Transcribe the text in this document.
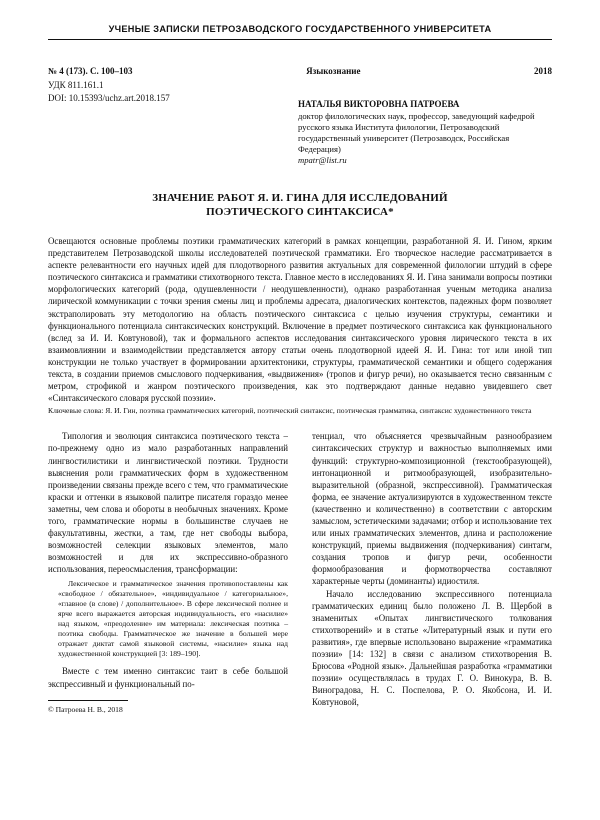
УЧЕНЫЕ ЗАПИСКИ ПЕТРОЗАВОДСКОГО ГОСУДАРСТВЕННОГО УНИВЕРСИТЕТА
№ 4 (173). С. 100–103	Языкознание	2018
УДК 811.161.1
DOI: 10.15393/uchz.art.2018.157
НАТАЛЬЯ ВИКТОРОВНА ПАТРОЕВА
доктор филологических наук, профессор, заведующий кафедрой русского языка Института филологии, Петрозаводский государственный университет (Петрозаводск, Российская Федерация)
mpatr@list.ru
ЗНАЧЕНИЕ РАБОТ Я. И. ГИНА ДЛЯ ИССЛЕДОВАНИЙ
ПОЭТИЧЕСКОГО СИНТАКСИСА*
Освещаются основные проблемы поэтики грамматических категорий в рамках концепции, разработанной Я. И. Гином, ярким представителем Петрозаводской школы исследователей поэтической грамматики. Его творческое наследие рассматривается в аспекте релевантности его научных идей для плодотворного развития актуальных для современной филологии штудий в сфере поэтического синтаксиса и грамматики стихотворного текста. Главное место в исследованиях Я. И. Гина занимали вопросы поэтики морфологических категорий (рода, одушевленности / неодушевленности), однако разработанная ученым методика анализа лирической коммуникации с точки зрения смены лиц и проблемы адресата, диалогических контекстов, падежных форм позволяет экстраполировать эту методологию на область поэтического синтаксиса с целью изучения структуры, семантики и функционального потенциала синтаксических конструкций. Включение в предмет поэтического синтаксиса как функционального (вслед за И. И. Ковтуновой), так и формального аспектов исследования синтаксического уровня лирического текста в их взаимовлиянии и взаимодействии представляется автору статьи очень плодотворной идеей Я. И. Гина: тот или иной тип конструкции не только участвует в формировании архитектоники, структуры, грамматической семантики и общего содержания текста, в создании приемов смыслового подчеркивания, «выдвижения» (тропов и фигур речи), но оказывается тесно связанным с метром, строфикой и жанром поэтического произведения, как это подтверждают данные недавно увидевшего свет «Синтаксического словаря русской поэзии».
Ключевые слова: Я. И. Гин, поэтика грамматических категорий, поэтический синтаксис, поэтическая грамматика, синтаксис художественного текста

Типология и эволюция синтаксиса поэтического текста – по-прежнему одно из мало разработанных направлений лингвостилистики и лингвистической поэтики. Трудности выяснения роли грамматических форм в художественном произведении связаны прежде всего с тем, что грамматические краски и оттенки в языковой палитре писателя гораздо менее заметны, чем слова и обороты в необычных значениях. Кроме того, грамматические нормы в большинстве случаев не факультативны, жестки, а там, где нет свободы выбора, возможностей селекции языковых элементов, мало возможностей и для их экспрессивно-образного использования, переосмысления, трансформации:

Лексическое и грамматическое значения противопоставлены как «свободное / обязательное», «индивидуальное / категориальное», «главное (в слове) / дополнительное». В сфере лексической полнее и ярче всего выражается авторская индивидуальность, его «насилие» над языком, «преодоление» им материала: лексическая поэтика – поэтика свободы. Грамматическое же значение в большей мере отражает диктат самой языковой системы, «насилие» языка над художественной конструкцией [3: 189–190].

Вместе с тем именно синтаксис таит в себе большой экспрессивный и функциональный по-

© Патроева Н. В., 2018

тенциал, что объясняется чрезвычайным разнообразием синтаксических структур и важностью выполняемых ими функций: структурно-композиционной (текстообразующей), интонационной и ритмообразующей, изобразительно-выразительной (образной, экспрессивной). Грамматическая форма, ее значение актуализируются в художественном тексте (качественно и количественно) в соответствии с авторским замыслом, эстетическими задачами; отбор и использование тех или иных грамматических элементов, длина и расположение конструкций, приемы выдвижения (подчеркивания) синтагм, создания тропов и фигур речи, особенности формообразования и формотворчества составляют характерные черты (доминанты) идиостиля.

Начало исследованию экспрессивного потенциала грамматических единиц было положено Л. В. Щербой в знаменитых «Опытах лингвистического толкования стихотворений» и в статье «Литературный язык и пути его развития», где впервые использовано выражение «грамматика поэзии» [14: 132] в связи с анализом стихотворения В. Брюсова «Родной язык». Дальнейшая разработка «грамматики поэзии» осуществлялась в трудах Г. О. Винокура, В. В. Виноградова, Н. С. Поспелова, Р. О. Якобсона, И. И. Ковтуновой,
